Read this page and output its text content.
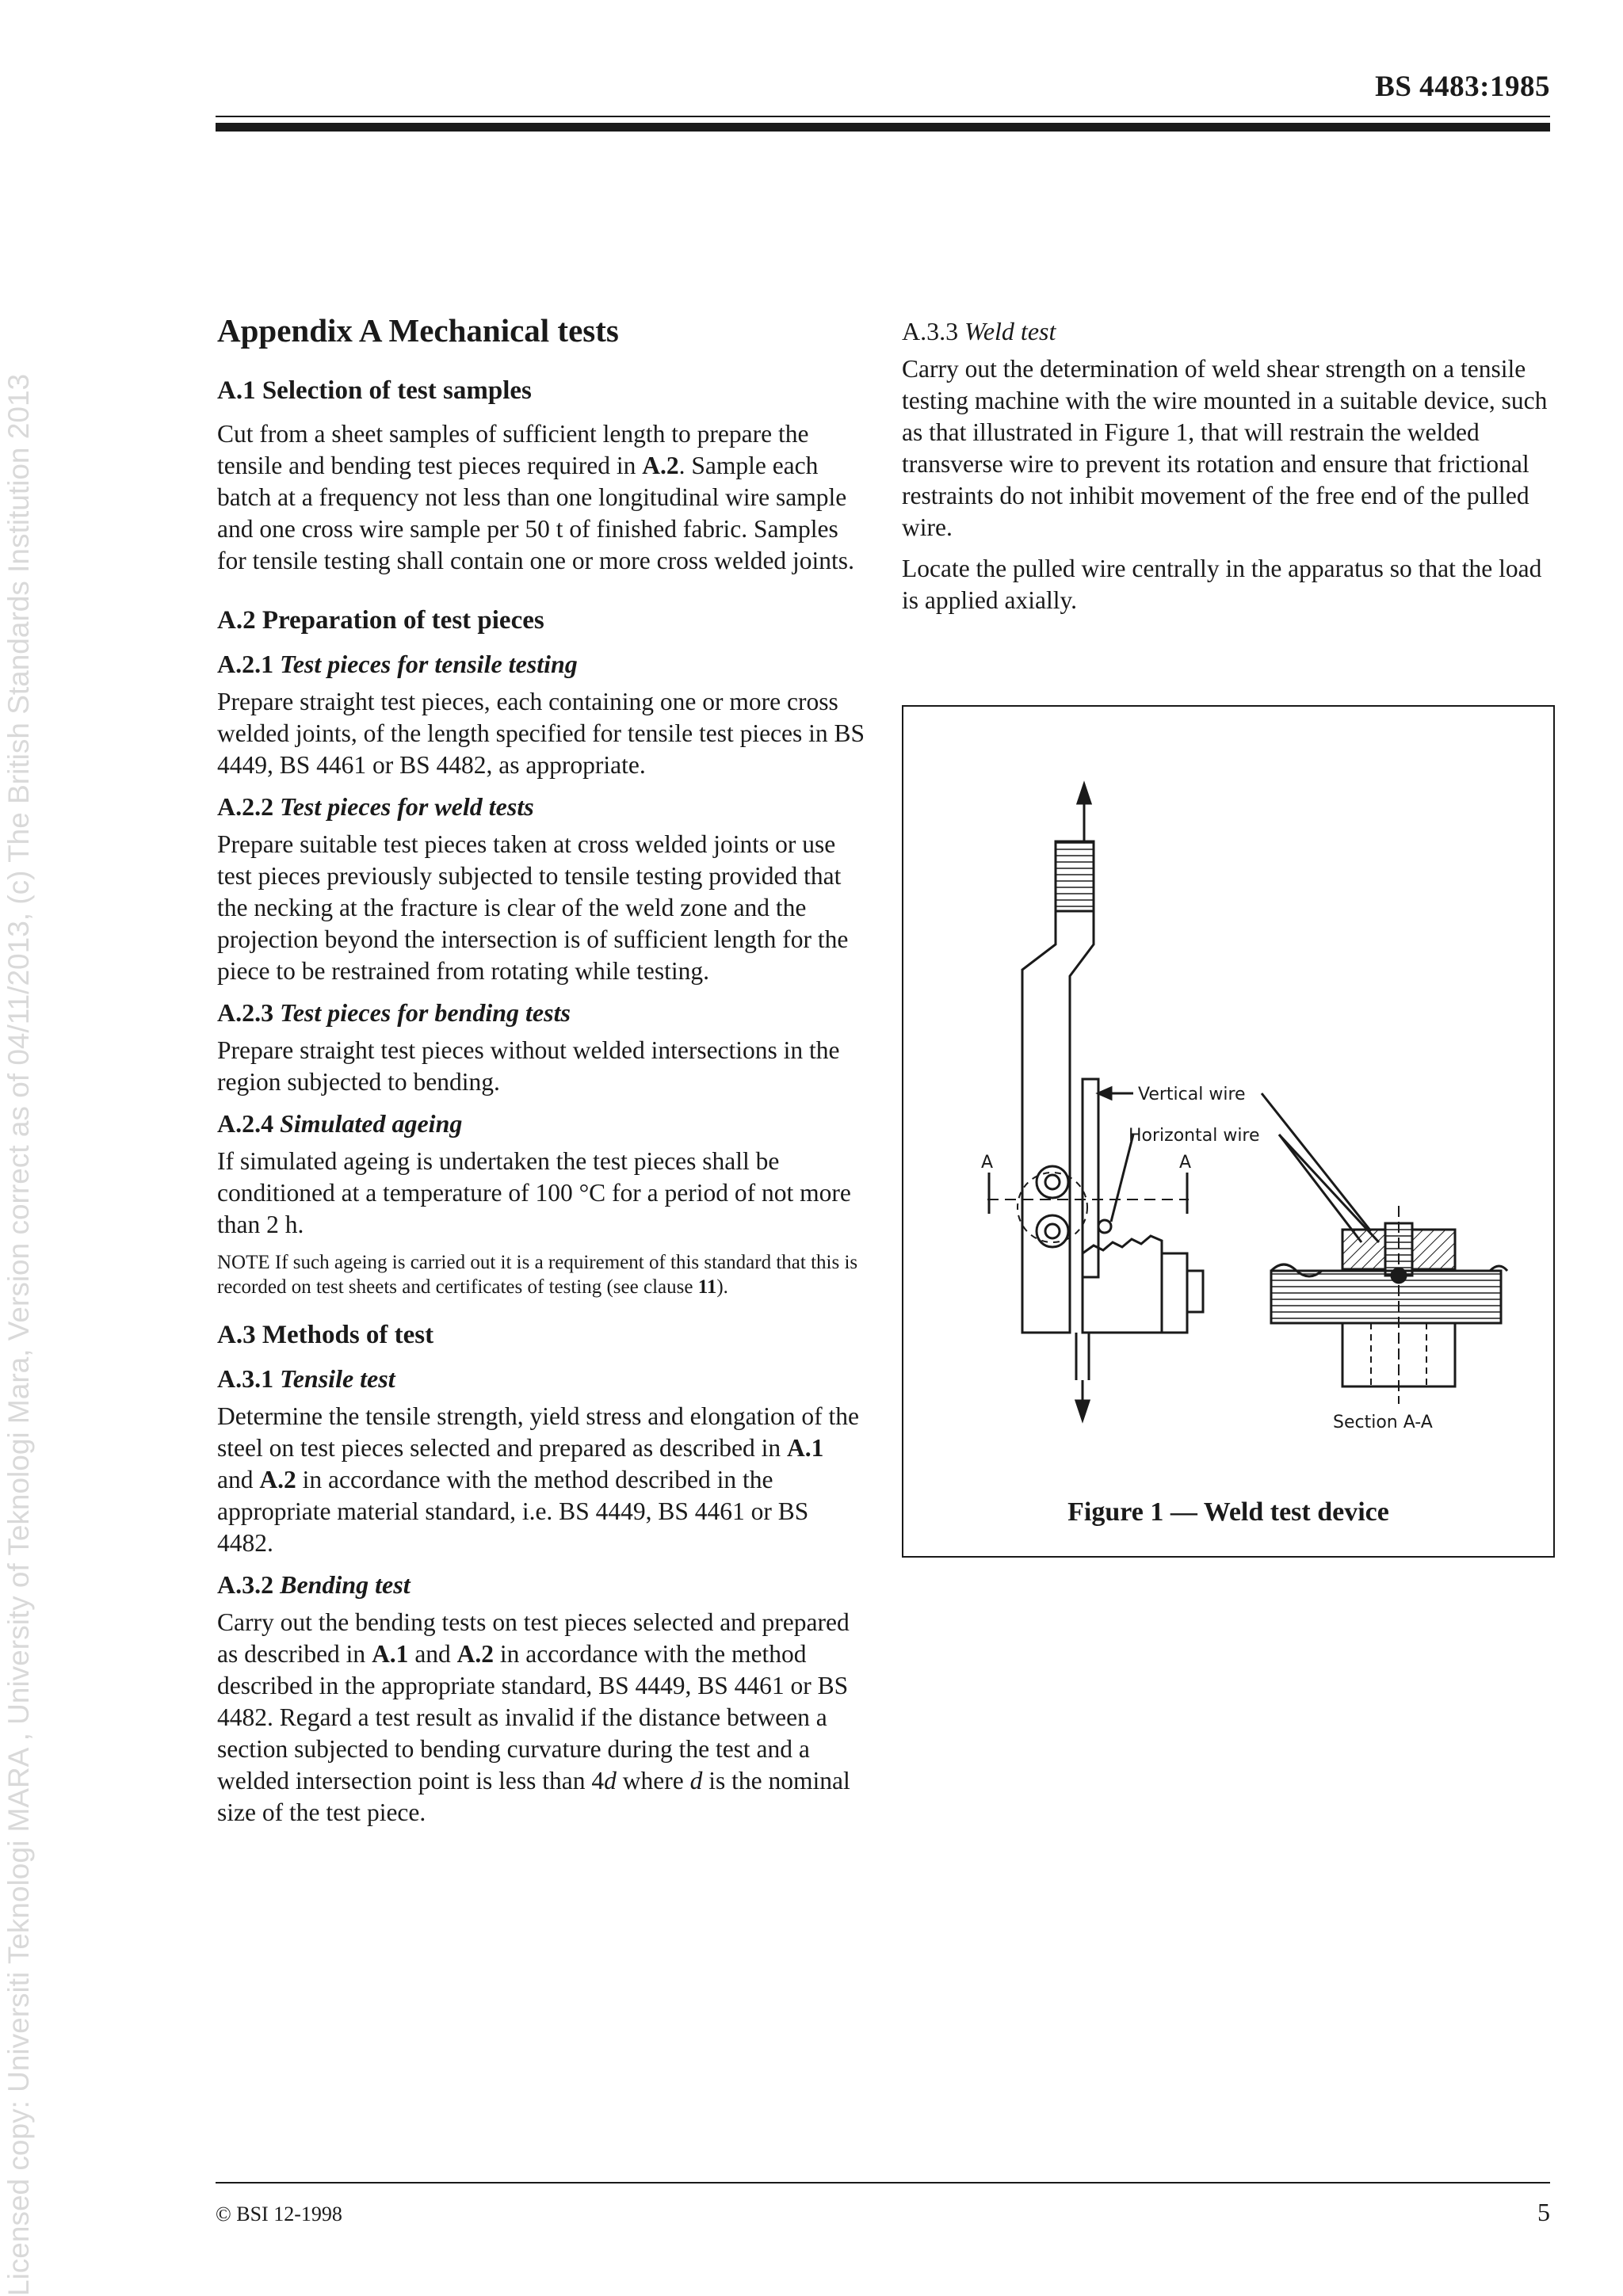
Licensed copy: Universiti Teknologi MARA , University of Teknologi Mara, Version correct as of 04/11/2013, (c) The British Standards Institution 2013
BS 4483:1985
Appendix A Mechanical tests
A.1 Selection of test samples

Cut from a sheet samples of sufficient length to prepare the tensile and bending test pieces required in A.2. Sample each batch at a frequency not less than one longitudinal wire sample and one cross wire sample per 50 t of finished fabric. Samples for tensile testing shall contain one or more cross welded joints.

A.2 Preparation of test pieces
A.2.1 Test pieces for tensile testing

Prepare straight test pieces, each containing one or more cross welded joints, of the length specified for tensile test pieces in BS 4449, BS 4461 or BS 4482, as appropriate.

A.2.2 Test pieces for weld tests

Prepare suitable test pieces taken at cross welded joints or use test pieces previously subjected to tensile testing provided that the necking at the fracture is clear of the weld zone and the projection beyond the intersection is of sufficient length for the piece to be restrained from rotating while testing.

A.2.3 Test pieces for bending tests

Prepare straight test pieces without welded intersections in the region subjected to bending.

A.2.4 Simulated ageing

If simulated ageing is undertaken the test pieces shall be conditioned at a temperature of 100 °C for a period of not more than 2 h.

NOTE If such ageing is carried out it is a requirement of this standard that this is recorded on test sheets and certificates of testing (see clause 11).

A.3 Methods of test
A.3.1 Tensile test

Determine the tensile strength, yield stress and elongation of the steel on test pieces selected and prepared as described in A.1 and A.2 in accordance with the method described in the appropriate material standard, i.e. BS 4449, BS 4461 or BS 4482.

A.3.2 Bending test

Carry out the bending tests on test pieces selected and prepared as described in A.1 and A.2 in accordance with the method described in the appropriate standard, BS 4449, BS 4461 or BS 4482. Regard a test result as invalid if the distance between a section subjected to bending curvature during the test and a welded intersection point is less than 4d where d is the nominal size of the test piece.

A.3.3 Weld test

Carry out the determination of weld shear strength on a tensile testing machine with the wire mounted in a suitable device, such as that illustrated in Figure 1, that will restrain the welded transverse wire to prevent its rotation and ensure that frictional restraints do not inhibit movement of the free end of the pulled wire.

Locate the pulled wire centrally in the apparatus so that the load is applied axially.

Vertical wire
Horizontal wire
A	A
Section A-A
Figure 1 — Weld test device
© BSI 12-1998	5
